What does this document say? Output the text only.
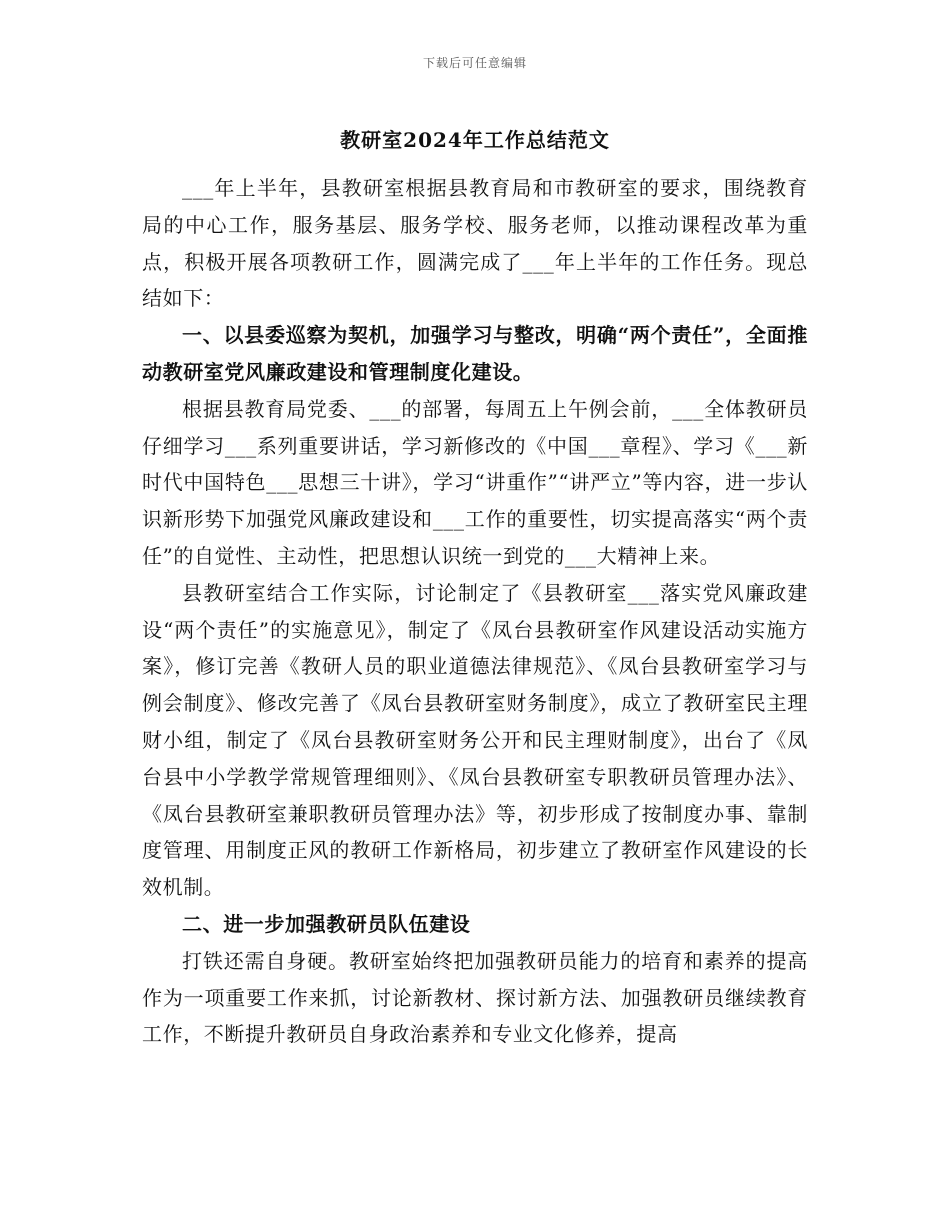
下载后可任意编辑
教研室2024年工作总结范文

___年上半年，县教研室根据县教育局和市教研室的要求，围绕教育局的中心工作，服务基层、服务学校、服务老师，以推动课程改革为重点，积极开展各项教研工作，圆满完成了___年上半年的工作任务。现总结如下：

一、以县委巡察为契机，加强学习与整改，明确“两个责任”，全面推动教研室党风廉政建设和管理制度化建设。

根据县教育局党委、___的部署，每周五上午例会前，___全体教研员仔细学习___系列重要讲话，学习新修改的《中国___章程》、学习《___新时代中国特色___思想三十讲》，学习“讲重作”“讲严立”等内容，进一步认识新形势下加强党风廉政建设和___工作的重要性，切实提高落实“两个责任”的自觉性、主动性，把思想认识统一到党的___大精神上来。

县教研室结合工作实际，讨论制定了《县教研室___落实党风廉政建设“两个责任”的实施意见》，制定了《凤台县教研室作风建设活动实施方案》，修订完善《教研人员的职业道德法律规范》、《凤台县教研室学习与例会制度》、修改完善了《凤台县教研室财务制度》，成立了教研室民主理财小组，制定了《凤台县教研室财务公开和民主理财制度》，出台了《凤台县中小学教学常规管理细则》、《凤台县教研室专职教研员管理办法》、《凤台县教研室兼职教研员管理办法》等，初步形成了按制度办事、靠制度管理、用制度正风的教研工作新格局，初步建立了教研室作风建设的长效机制。

二、进一步加强教研员队伍建设

打铁还需自身硬。教研室始终把加强教研员能力的培育和素养的提高作为一项重要工作来抓，讨论新教材、探讨新方法、加强教研员继续教育工作，不断提升教研员自身政治素养和专业文化修养，提高
